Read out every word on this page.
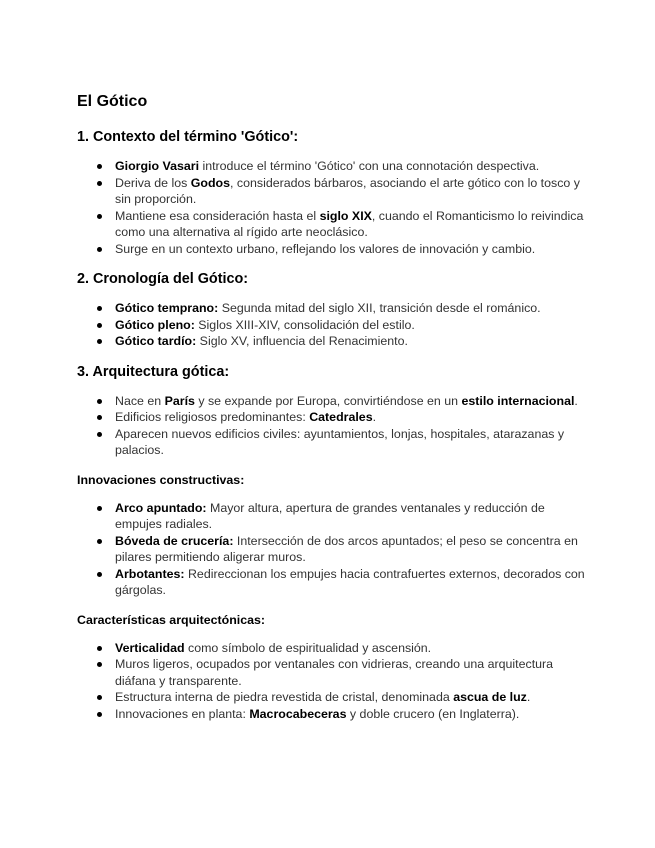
El Gótico
1. Contexto del término 'Gótico':
Giorgio Vasari introduce el término 'Gótico' con una connotación despectiva.
Deriva de los Godos, considerados bárbaros, asociando el arte gótico con lo tosco y sin proporción.
Mantiene esa consideración hasta el siglo XIX, cuando el Romanticismo lo reivindica como una alternativa al rígido arte neoclásico.
Surge en un contexto urbano, reflejando los valores de innovación y cambio.
2. Cronología del Gótico:
Gótico temprano: Segunda mitad del siglo XII, transición desde el románico.
Gótico pleno: Siglos XIII-XIV, consolidación del estilo.
Gótico tardío: Siglo XV, influencia del Renacimiento.
3. Arquitectura gótica:
Nace en París y se expande por Europa, convirtiéndose en un estilo internacional.
Edificios religiosos predominantes: Catedrales.
Aparecen nuevos edificios civiles: ayuntamientos, lonjas, hospitales, atarazanas y palacios.
Innovaciones constructivas:
Arco apuntado: Mayor altura, apertura de grandes ventanales y reducción de empujes radiales.
Bóveda de crucería: Intersección de dos arcos apuntados; el peso se concentra en pilares permitiendo aligerar muros.
Arbotantes: Redireccionan los empujes hacia contrafuertes externos, decorados con gárgolas.
Características arquitectónicas:
Verticalidad como símbolo de espiritualidad y ascensión.
Muros ligeros, ocupados por ventanales con vidrieras, creando una arquitectura diáfana y transparente.
Estructura interna de piedra revestida de cristal, denominada ascua de luz.
Innovaciones en planta: Macrocabeceras y doble crucero (en Inglaterra).
